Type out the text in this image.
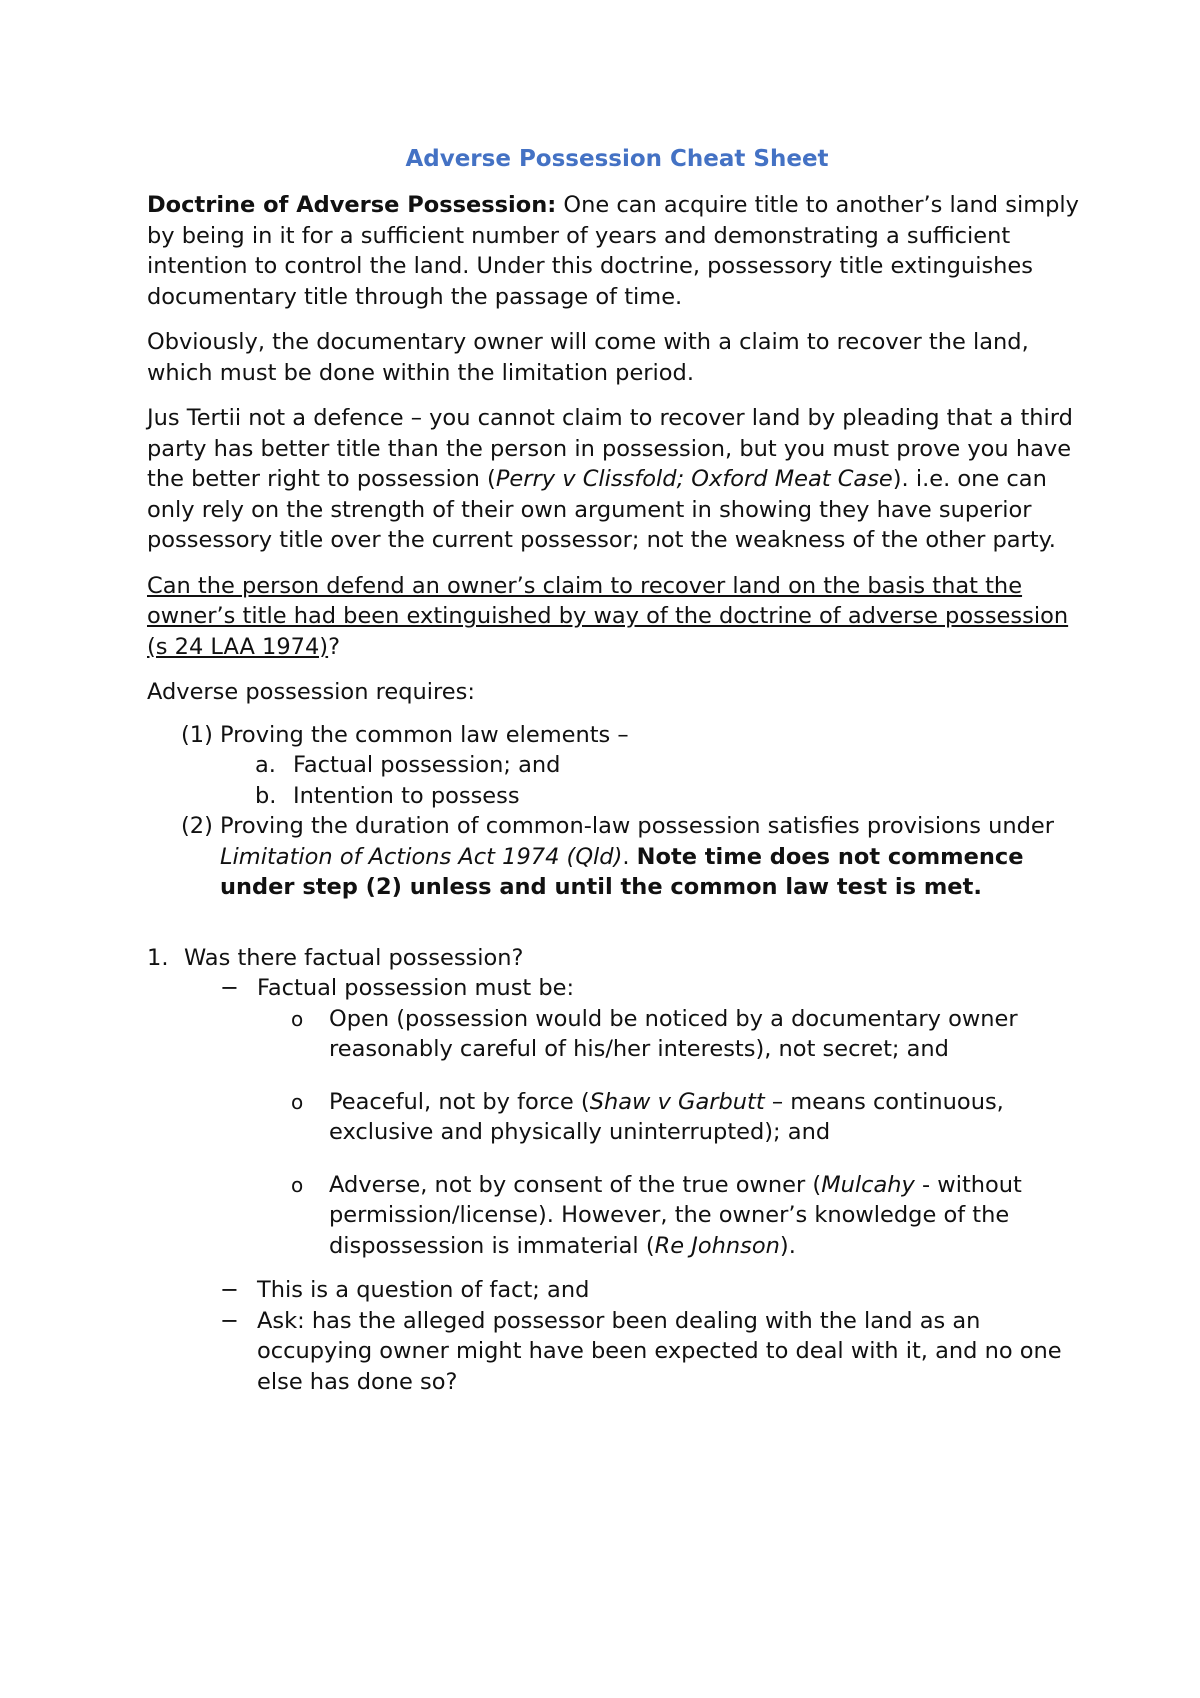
Adverse Possession Cheat Sheet

Doctrine of Adverse Possession: One can acquire title to another’s land simply by being in it for a sufficient number of years and demonstrating a sufficient intention to control the land. Under this doctrine, possessory title extinguishes documentary title through the passage of time.

Obviously, the documentary owner will come with a claim to recover the land, which must be done within the limitation period.

Jus Tertii not a defence – you cannot claim to recover land by pleading that a third party has better title than the person in possession, but you must prove you have the better right to possession (Perry v Clissfold; Oxford Meat Case). i.e. one can only rely on the strength of their own argument in showing they have superior possessory title over the current possessor; not the weakness of the other party.

Can the person defend an owner’s claim to recover land on the basis that the owner’s title had been extinguished by way of the doctrine of adverse possession (s 24 LAA 1974)?

Adverse possession requires:

(1) Proving the common law elements –
a. Factual possession; and
b. Intention to possess
(2) Proving the duration of common-law possession satisfies provisions under Limitation of Actions Act 1974 (Qld). Note time does not commence under step (2) unless and until the common law test is met.
1. Was there factual possession?
− Factual possession must be:
o Open (possession would be noticed by a documentary owner reasonably careful of his/her interests), not secret; and
o Peaceful, not by force (Shaw v Garbutt – means continuous, exclusive and physically uninterrupted); and
o Adverse, not by consent of the true owner (Mulcahy - without permission/license). However, the owner’s knowledge of the dispossession is immaterial (Re Johnson).
− This is a question of fact; and
− Ask: has the alleged possessor been dealing with the land as an occupying owner might have been expected to deal with it, and no one else has done so?
